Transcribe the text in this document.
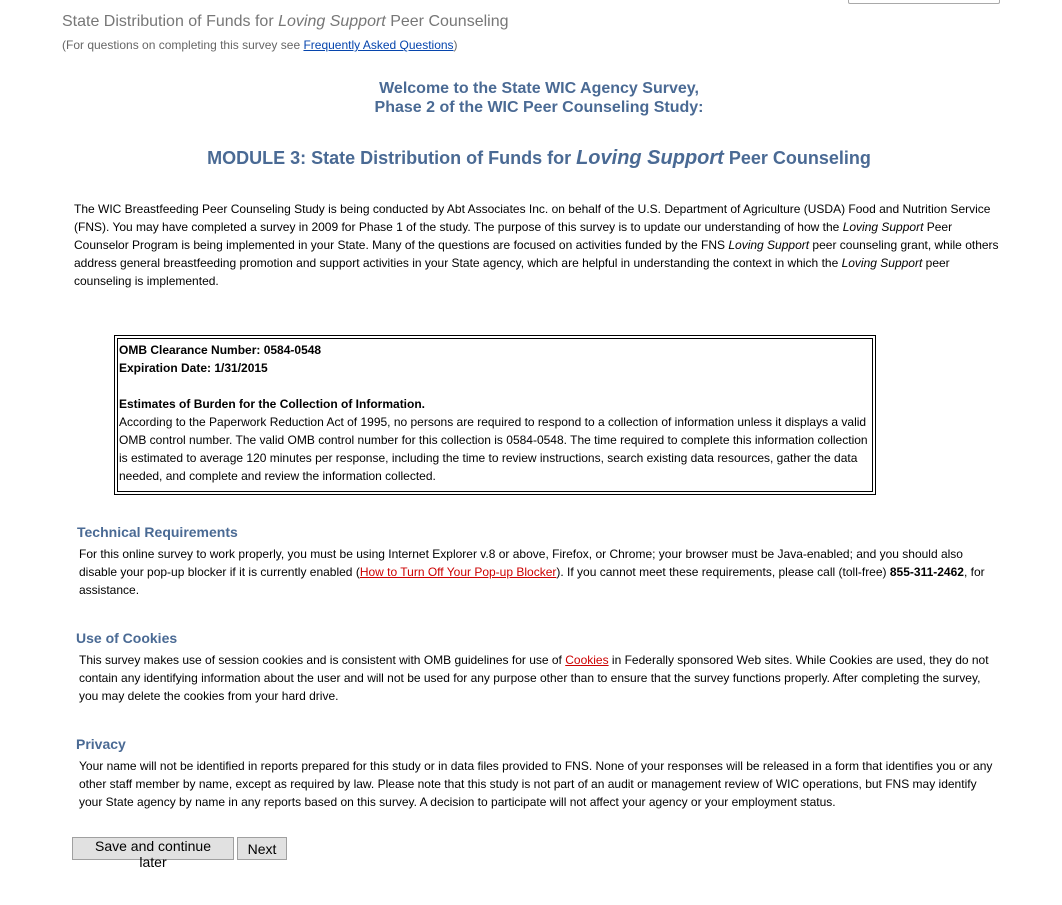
State Distribution of Funds for Loving Support Peer Counseling
(For questions on completing this survey see Frequently Asked Questions)
Welcome to the State WIC Agency Survey,
Phase 2 of the WIC Peer Counseling Study:
MODULE 3: State Distribution of Funds for Loving Support Peer Counseling
The WIC Breastfeeding Peer Counseling Study is being conducted by Abt Associates Inc. on behalf of the U.S. Department of Agriculture (USDA) Food and Nutrition Service (FNS). You may have completed a survey in 2009 for Phase 1 of the study. The purpose of this survey is to update our understanding of how the Loving Support Peer Counselor Program is being implemented in your State. Many of the questions are focused on activities funded by the FNS Loving Support peer counseling grant, while others address general breastfeeding promotion and support activities in your State agency, which are helpful in understanding the context in which the Loving Support peer counseling is implemented.
OMB Clearance Number: 0584-0548
Expiration Date: 1/31/2015
Estimates of Burden for the Collection of Information.
According to the Paperwork Reduction Act of 1995, no persons are required to respond to a collection of information unless it displays a valid OMB control number. The valid OMB control number for this collection is 0584-0548. The time required to complete this information collection is estimated to average 120 minutes per response, including the time to review instructions, search existing data resources, gather the data needed, and complete and review the information collected.
Technical Requirements
For this online survey to work properly, you must be using Internet Explorer v.8 or above, Firefox, or Chrome; your browser must be Java-enabled; and you should also disable your pop-up blocker if it is currently enabled (How to Turn Off Your Pop-up Blocker). If you cannot meet these requirements, please call (toll-free) 855-311-2462, for assistance.
Use of Cookies
This survey makes use of session cookies and is consistent with OMB guidelines for use of Cookies in Federally sponsored Web sites. While Cookies are used, they do not contain any identifying information about the user and will not be used for any purpose other than to ensure that the survey functions properly. After completing the survey, you may delete the cookies from your hard drive.
Privacy
Your name will not be identified in reports prepared for this study or in data files provided to FNS. None of your responses will be released in a form that identifies you or any other staff member by name, except as required by law. Please note that this study is not part of an audit or management review of WIC operations, but FNS may identify your State agency by name in any reports based on this survey. A decision to participate will not affect your agency or your employment status.
Save and continue later
Next
